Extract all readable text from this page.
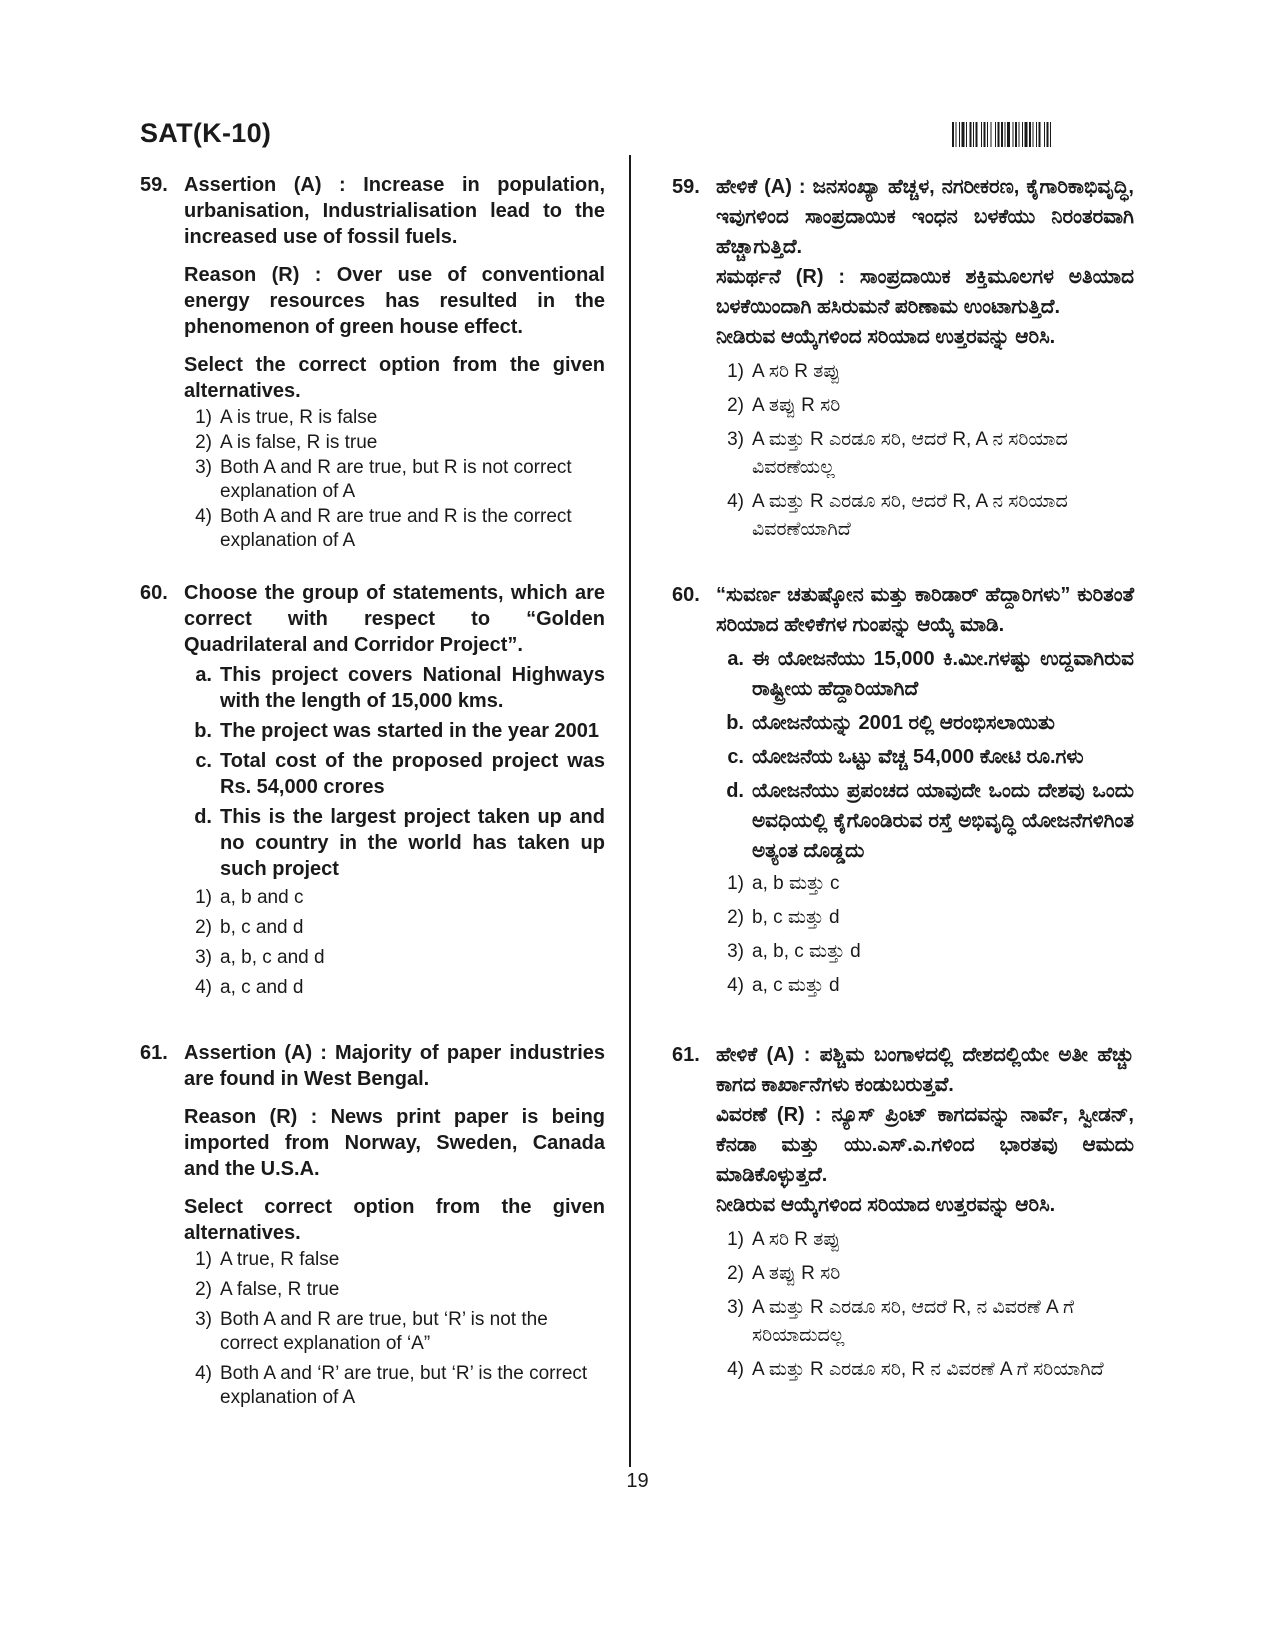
SAT(K-10)
59. Assertion (A) : Increase in population, urbanisation, Industrialisation lead to the increased use of fossil fuels.

Reason (R) : Over use of conventional energy resources has resulted in the phenomenon of green house effect.

Select the correct option from the given alternatives.

1) A is true, R is false
2) A is false, R is true
3) Both A and R are true, but R is not correct explanation of A
4) Both A and R are true and R is the correct explanation of A
60. Choose the group of statements, which are correct with respect to “Golden Quadrilateral and Corridor Project”.

a. This project covers National Highways with the length of 15,000 kms.
b. The project was started in the year 2001
c. Total cost of the proposed project was Rs. 54,000 crores
d. This is the largest project taken up and no country in the world has taken up such project
1) a, b and c
2) b, c and d
3) a, b, c and d
4) a, c and d
61. Assertion (A) : Majority of paper industries are found in West Bengal.

Reason (R) : News print paper is being imported from Norway, Sweden, Canada and the U.S.A.

Select correct option from the given alternatives.

1) A true, R false
2) A false, R true
3) Both A and R are true, but ‘R’ is not the correct explanation of ‘A”
4) Both A and ‘R’ are true, but ‘R’ is the correct explanation of A
59. ಹೇಳಿಕೆ (A) : ಜನಸಂಖ್ಯಾ ಹೆಚ್ಚಳ, ನಗರೀಕರಣ, ಕೈಗಾರಿಕಾಭಿವೃದ್ಧಿ, ಇವುಗಳಿಂದ ಸಾಂಪ್ರದಾಯಿಕ ಇಂಧನ ಬಳಕೆಯು ನಿರಂತರವಾಗಿ ಹೆಚ್ಚಾಗುತ್ತಿದೆ.

ಸಮರ್ಥನೆ (R) : ಸಾಂಪ್ರದಾಯಿಕ ಶಕ್ತಿಮೂಲಗಳ ಅತಿಯಾದ ಬಳಕೆಯಿಂದಾಗಿ ಹಸಿರುಮನೆ ಪರಿಣಾಮ ಉಂಟಾಗುತ್ತಿದೆ.

ನೀಡಿರುವ ಆಯ್ಕೆಗಳಿಂದ ಸರಿಯಾದ ಉತ್ತರವನ್ನು ಆರಿಸಿ.

1) A ಸರಿ R ತಪ್ಪು
2) A ತಪ್ಪು R ಸರಿ
3) A ಮತ್ತು R ಎರಡೂ ಸರಿ, ಆದರೆ R, A ನ ಸರಿಯಾದ ವಿವರಣೆಯಲ್ಲ
4) A ಮತ್ತು R ಎರಡೂ ಸರಿ, ಆದರೆ R, A ನ ಸರಿಯಾದ ವಿವರಣೆಯಾಗಿದೆ
60. “ಸುವರ್ಣ ಚತುಷ್ಕೋನ ಮತ್ತು ಕಾರಿಡಾರ್ ಹೆದ್ದಾರಿಗಳು” ಕುರಿತಂತೆ ಸರಿಯಾದ ಹೇಳಿಕೆಗಳ ಗುಂಪನ್ನು ಆಯ್ಕೆ ಮಾಡಿ.

a. ಈ ಯೋಜನೆಯು 15,000 ಕಿ.ಮೀ.ಗಳಷ್ಟು ಉದ್ದವಾಗಿರುವ ರಾಷ್ಟ್ರೀಯ ಹೆದ್ದಾರಿಯಾಗಿದೆ
b. ಯೋಜನೆಯನ್ನು 2001 ರಲ್ಲಿ ಆರಂಭಿಸಲಾಯಿತು
c. ಯೋಜನೆಯ ಒಟ್ಟು ವೆಚ್ಚ 54,000 ಕೋಟಿ ರೂ.ಗಳು
d. ಯೋಜನೆಯು ಪ್ರಪಂಚದ ಯಾವುದೇ ಒಂದು ದೇಶವು ಒಂದು ಅವಧಿಯಲ್ಲಿ ಕೈಗೊಂಡಿರುವ ರಸ್ತೆ ಅಭಿವೃದ್ಧಿ ಯೋಜನೆಗಳಿಗಿಂತ ಅತ್ಯಂತ ದೊಡ್ಡದು
1) a, b ಮತ್ತು c
2) b, c ಮತ್ತು d
3) a, b, c ಮತ್ತು d
4) a, c ಮತ್ತು d
61. ಹೇಳಿಕೆ (A) : ಪಶ್ಚಿಮ ಬಂಗಾಳದಲ್ಲಿ ದೇಶದಲ್ಲಿಯೇ ಅತೀ ಹೆಚ್ಚು ಕಾಗದ ಕಾರ್ಖಾನೆಗಳು ಕಂಡುಬರುತ್ತವೆ.

ವಿವರಣೆ (R) : ನ್ಯೂಸ್ ಪ್ರಿಂಟ್ ಕಾಗದವನ್ನು ನಾರ್ವೆ, ಸ್ವೀಡನ್, ಕೆನಡಾ ಮತ್ತು ಯು.ಎಸ್.ಎ.ಗಳಿಂದ ಭಾರತವು ಆಮದು ಮಾಡಿಕೊಳ್ಳುತ್ತದೆ.

ನೀಡಿರುವ ಆಯ್ಕೆಗಳಿಂದ ಸರಿಯಾದ ಉತ್ತರವನ್ನು ಆರಿಸಿ.

1) A ಸರಿ R ತಪ್ಪು
2) A ತಪ್ಪು R ಸರಿ
3) A ಮತ್ತು R ಎರಡೂ ಸರಿ, ಆದರೆ R, ನ ವಿವರಣೆ A ಗೆ ಸರಿಯಾದುದಲ್ಲ
4) A ಮತ್ತು R ಎರಡೂ ಸರಿ, R ನ ವಿವರಣೆ A ಗೆ ಸರಿಯಾಗಿದೆ
19
